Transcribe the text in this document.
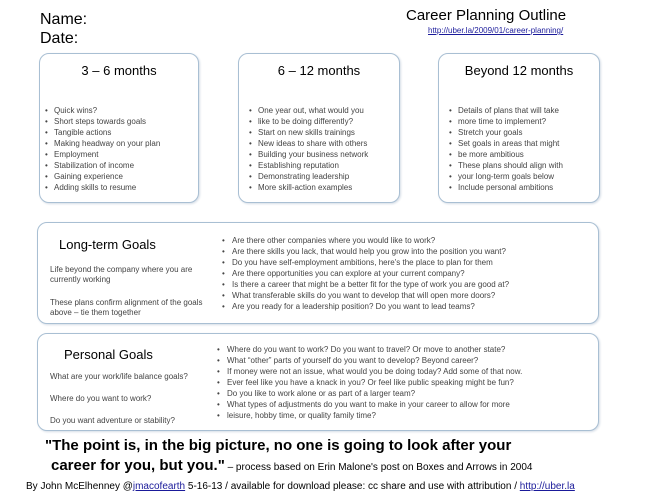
Name:
Date:
Career Planning Outline
http://uber.la/2009/01/career-planning/
3 – 6 months
• Quick wins?
• Short steps towards goals
• Tangible actions
• Making headway on your plan
• Employment
• Stabilization of income
• Gaining experience
• Adding skills to resume
6 – 12 months
• One year out, what would you
• like to be doing differently?
• Start on new skills trainings
• New ideas to share with others
• Building your business network
• Establishing reputation
• Demonstrating leadership
• More skill-action examples
Beyond 12 months
• Details of plans that will take
• more time to implement?
• Stretch your goals
• Set goals in areas that might
• be more ambitious
• These plans should align with
• your long-term goals below
• Include personal ambitions
Long-term Goals
Life beyond the company where you are currently working
These plans confirm alignment of the goals above – tie them together
• Are there other companies where you would like to work?
• Are there skills you lack, that would help you grow into the position you want?
• Do you have self-employment ambitions, here's the place to plan for them
• Are there opportunities you can explore at your current company?
• Is there a career that might be a better fit for the type of work you are good at?
• What transferable skills do you want to develop that will open more doors?
• Are you ready for a leadership position? Do you want to lead teams?
Personal Goals
What are your work/life balance goals?
Where do you want to work?
Do you want adventure or stability?
• Where do you want to work? Do you want to travel? Or move to another state?
• What “other” parts of yourself do you want to develop? Beyond career?
• If money were not an issue, what would you be doing today? Add some of that now.
• Ever feel like you have a knack in you? Or feel like public speaking might be fun?
• Do you like to work alone or as part of a larger team?
• What types of adjustments do you want to make in your career to allow for more
• leisure, hobby time, or quality family time?
"The point is, in the big picture, no one is going to look after your
career for you, but you." – process based on Erin Malone's post on Boxes and Arrows in 2004
By John McElhenney @jmacofearth 5-16-13 / available for download please: cc share and use with attribution / http://uber.la
